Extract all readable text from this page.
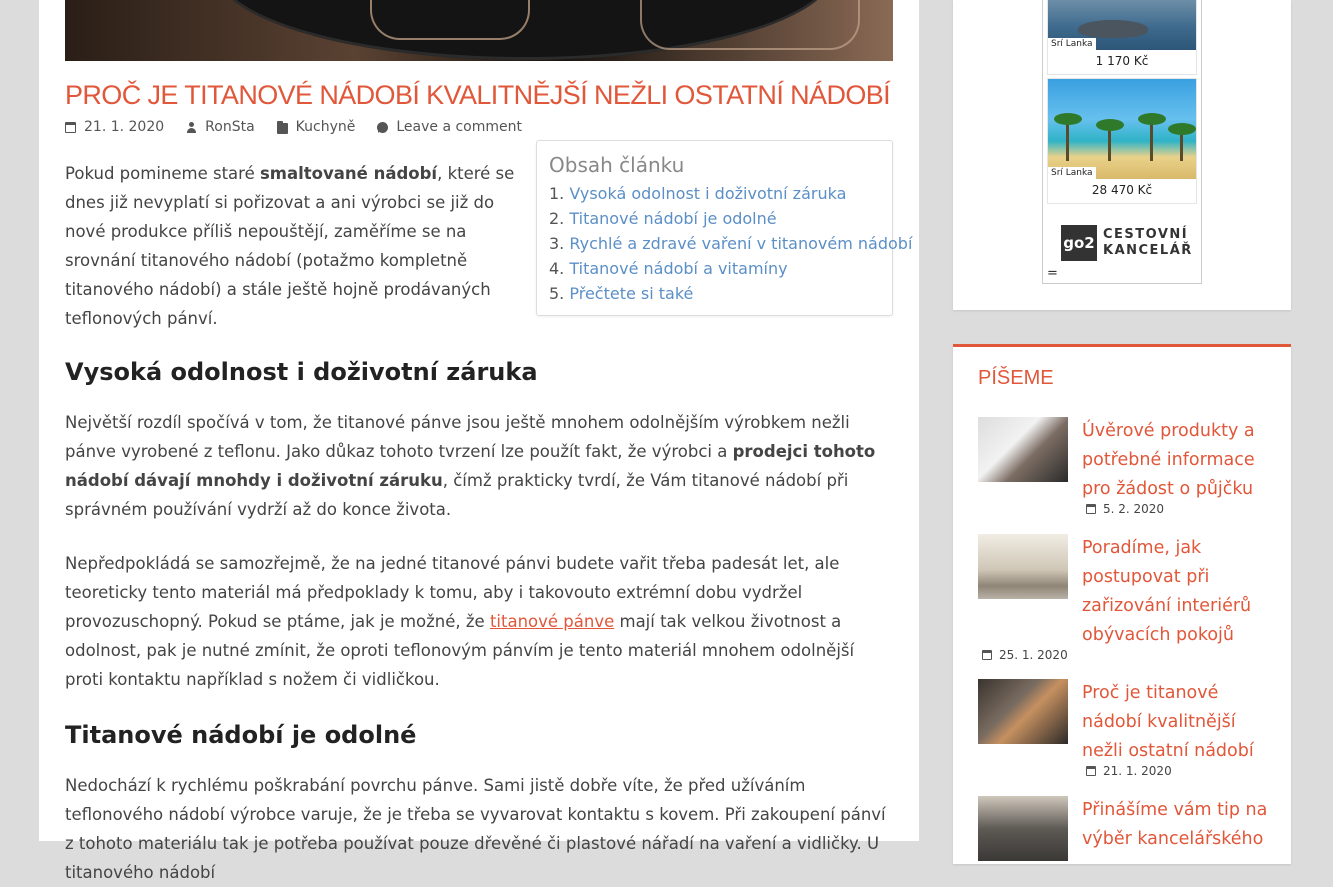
PROČ JE TITANOVÉ NÁDOBÍ KVALITNĚJŠÍ NEŽLI OSTATNÍ NÁDOBÍ
21. 1. 2020	RonSta	Kuchyně	Leave a comment
Obsah článku
1. Vysoká odolnost i doživotní záruka
2. Titanové nádobí je odolné
3. Rychlé a zdravé vaření v titanovém nádobí
4. Titanové nádobí a vitamíny
5. Přečtete si také

Pokud pomineme staré smaltované nádobí, které se dnes již nevyplatí si pořizovat a ani výrobci se již do nové produkce příliš nepouštějí, zaměříme se na srovnání titanového nádobí (potažmo kompletně titanového nádobí) a stále ještě hojně prodávaných teflonových pánví.

Vysoká odolnost i doživotní záruka

Největší rozdíl spočívá v tom, že titanové pánve jsou ještě mnohem odolnějším výrobkem nežli pánve vyrobené z teflonu. Jako důkaz tohoto tvrzení lze použít fakt, že výrobci a prodejci tohoto nádobí dávají mnohdy i doživotní záruku, čímž prakticky tvrdí, že Vám titanové nádobí při správném používání vydrží až do konce života.

Nepředpokládá se samozřejmě, že na jedné titanové pánvi budete vařit třeba padesát let, ale teoreticky tento materiál má předpoklady k tomu, aby i takovouto extrémní dobu vydržel provozuschopný. Pokud se ptáme, jak je možné, že titanové pánve mají tak velkou životnost a odolnost, pak je nutné zmínit, že oproti teflonovým pánvím je tento materiál mnohem odolnější proti kontaktu například s nožem či vidličkou.

Titanové nádobí je odolné

Nedochází k rychlému poškrabání povrchu pánve. Sami jistě dobře víte, že před užíváním teflonového nádobí výrobce varuje, že je třeba se vyvarovat kontaktu s kovem. Při zakoupení pánví z tohoto materiálu tak je potřeba používat pouze dřevěné či plastové nářadí na vaření a vidličky. U titanového nádobí

Srí Lanka
1 170 Kč
Srí Lanka
28 470 Kč
go2 CESTOVNÍ
KANCELÁŘ
=
PÍŠEME
Úvěrové produkty a potřebné informace pro žádost o půjčku
5. 2. 2020
Poradíme, jak postupovat při zařizování interiérů obývacích pokojů
25. 1. 2020
Proč je titanové nádobí kvalitnější nežli ostatní nádobí
21. 1. 2020
Přinášíme vám tip na výběr kancelářského
